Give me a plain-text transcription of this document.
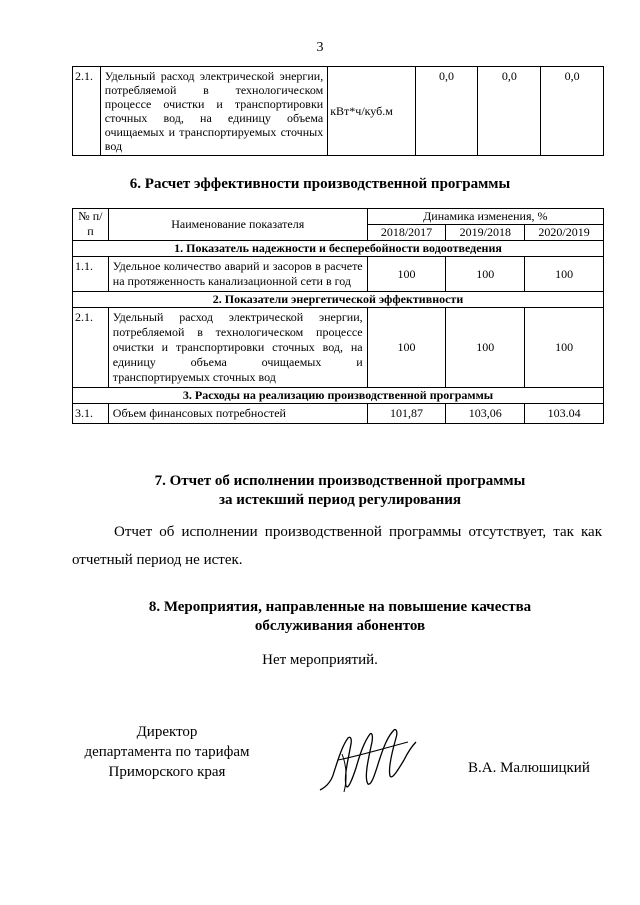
3
2.1.	Удельный расход электрической энергии, потребляемой в технологическом процессе очистки и транспортировки сточных вод, на единицу объема очищаемых и транспортируемых сточных вод	кВт*ч/куб.м	0,0	0,0	0,0
6. Расчет эффективности производственной программы
№ п/п	Наименование показателя	Динамика изменения, %		
		2018/2017	2019/2018	2020/2019
1. Показатель надежности и бесперебойности водоотведения				
1.1.	Удельное количество аварий и засоров в расчете на протяженность канализационной сети в год	100	100	100
2. Показатели энергетической эффективности				
2.1.	Удельный расход электрической энергии, потребляемой в технологическом процессе очистки и транспортировки сточных вод, на единицу объема очищаемых и транспортируемых сточных вод	100	100	100
3. Расходы на реализацию производственной программы				
3.1.	Объем финансовых потребностей	101,87	103,06	103.04
7. Отчет об исполнении производственной программы
за истекший период регулирования
Отчет об исполнении производственной программы отсутствует, так как отчетный период не истек.
8. Мероприятия, направленные на повышение качества
обслуживания абонентов
Нет мероприятий.
Директор
департамента по тарифам
Приморского края	В.А. Малюшицкий
